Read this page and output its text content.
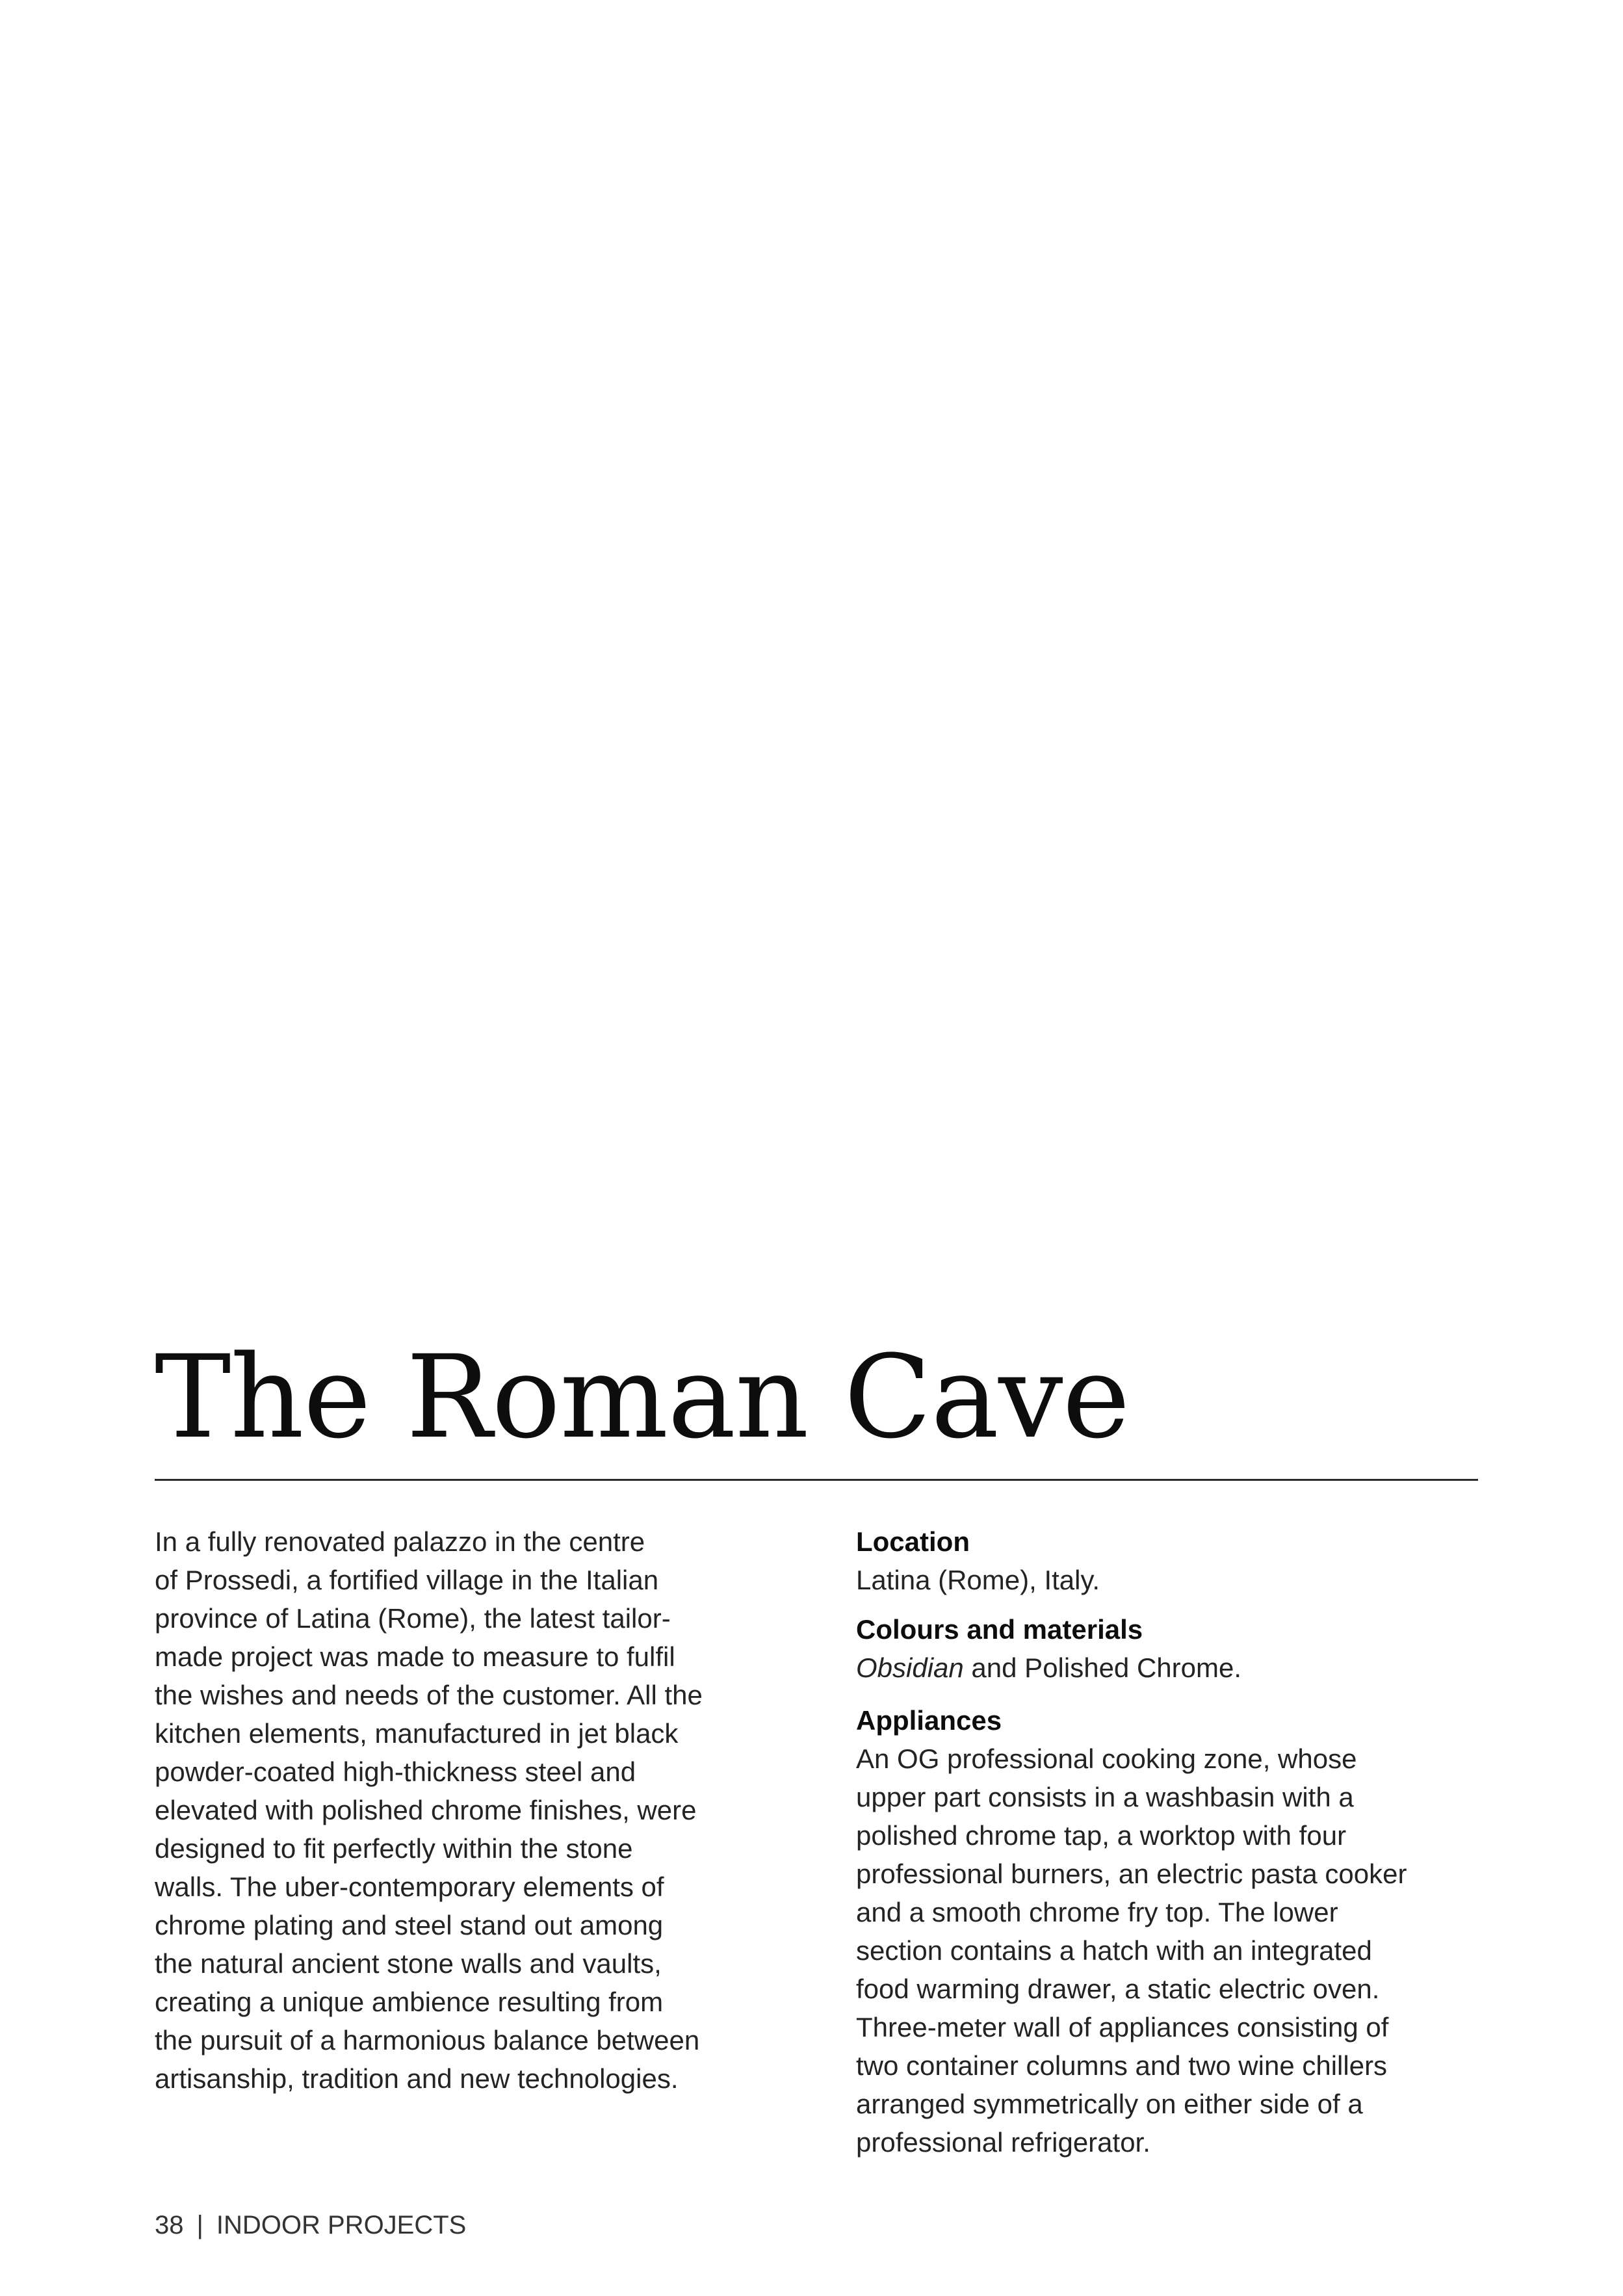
The Roman Cave
In a fully renovated palazzo in the centre
of Prossedi, a fortified village in the Italian
province of Latina (Rome), the latest tailor-
made project was made to measure to fulfil
the wishes and needs of the customer. All the
kitchen elements, manufactured in jet black
powder-coated high-thickness steel and
elevated with polished chrome finishes, were
designed to fit perfectly within the stone
walls. The uber-contemporary elements of
chrome plating and steel stand out among
the natural ancient stone walls and vaults,
creating a unique ambience resulting from
the pursuit of a harmonious balance between
artisanship, tradition and new technologies.
Location
Latina (Rome), Italy.
Colours and materials
Obsidian and Polished Chrome.
Appliances
An OG professional cooking zone, whose
upper part consists in a washbasin with a
polished chrome tap, a worktop with four
professional burners, an electric pasta cooker
and a smooth chrome fry top. The lower
section contains a hatch with an integrated
food warming drawer, a static electric oven.
Three-meter wall of appliances consisting of
two container columns and two wine chillers
arranged symmetrically on either side of a
professional refrigerator.
38 | INDOOR PROJECTS
